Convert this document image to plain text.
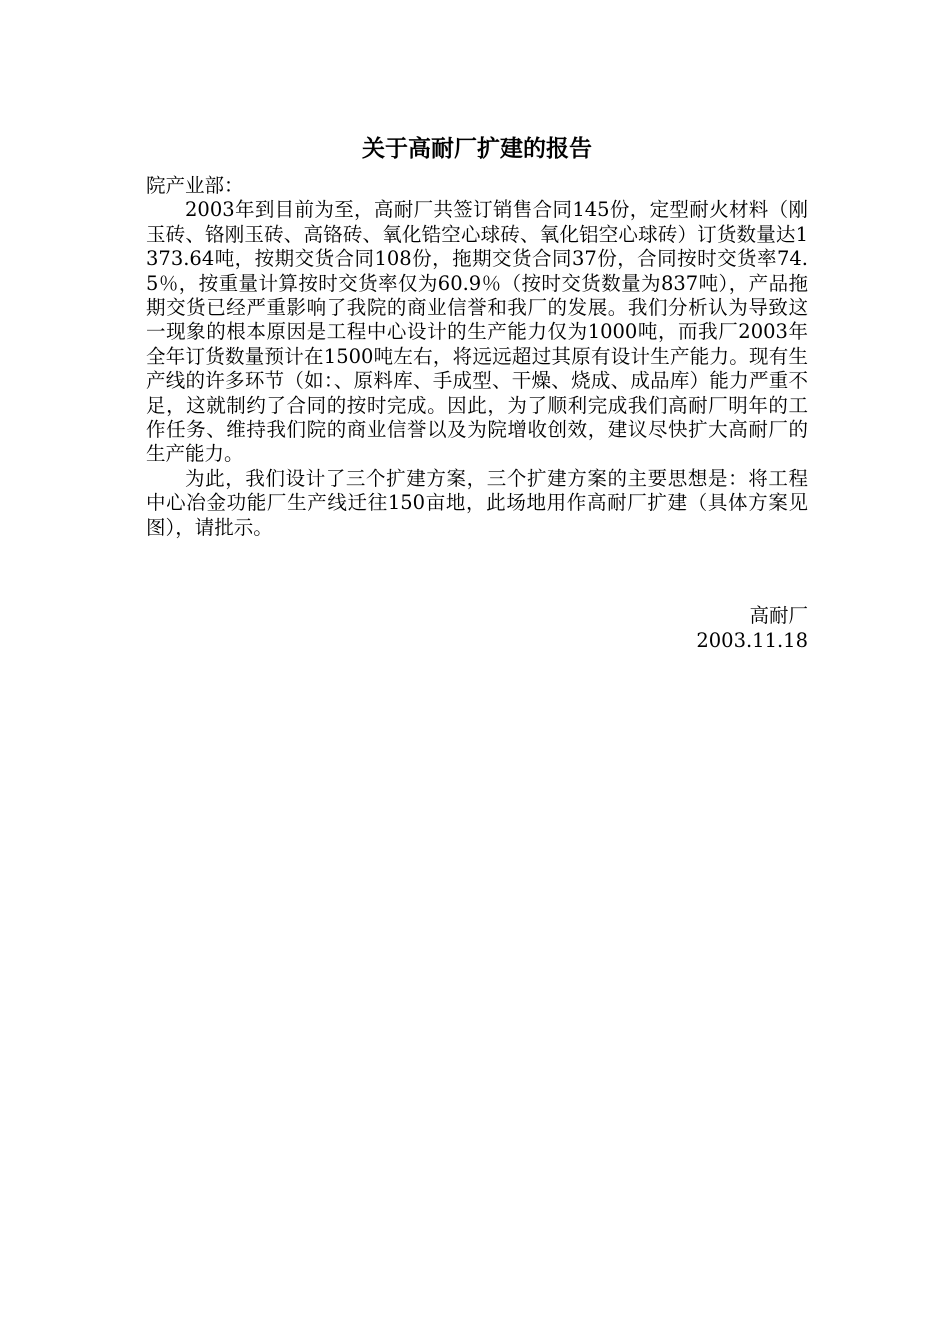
关于高耐厂扩建的报告

院产业部：

2003年到目前为至，高耐厂共签订销售合同145份，定型耐火材料（刚玉砖、铬刚玉砖、高铬砖、氧化锆空心球砖、氧化铝空心球砖）订货数量达1373.64吨，按期交货合同108份，拖期交货合同37份，合同按时交货率74.5％，按重量计算按时交货率仅为60.9％（按时交货数量为837吨），产品拖期交货已经严重影响了我院的商业信誉和我厂的发展。我们分析认为导致这一现象的根本原因是工程中心设计的生产能力仅为1000吨，而我厂2003年全年订货数量预计在1500吨左右，将远远超过其原有设计生产能力。现有生产线的许多环节（如：、原料库、手成型、干燥、烧成、成品库）能力严重不足，这就制约了合同的按时完成。因此，为了顺利完成我们高耐厂明年的工作任务、维持我们院的商业信誉以及为院增收创效，建议尽快扩大高耐厂的生产能力。

为此，我们设计了三个扩建方案，三个扩建方案的主要思想是：将工程中心冶金功能厂生产线迁往150亩地，此场地用作高耐厂扩建（具体方案见图），请批示。

高耐厂
2003.11.18
